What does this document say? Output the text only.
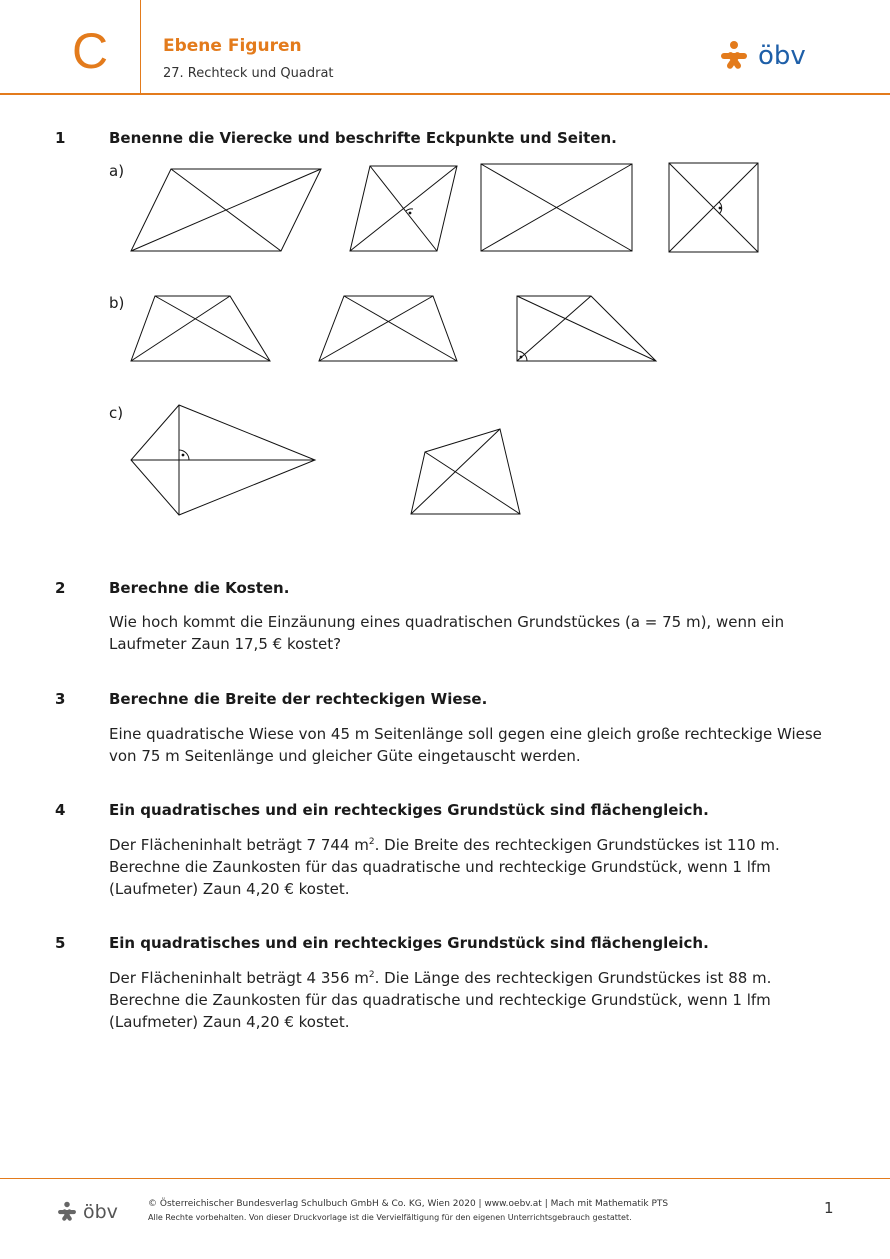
C	Ebene Figuren
27. Rechteck und Quadrat
öbv
1	Benenne die Vierecke und beschrifte Eckpunkte und Seiten.
a)
b)
c)
2	Berechne die Kosten.
Wie hoch kommt die Einzäunung eines quadratischen Grundstückes (a = 75 m), wenn ein Laufmeter Zaun 17,5 € kostet?
3	Berechne die Breite der rechteckigen Wiese.
Eine quadratische Wiese von 45 m Seitenlänge soll gegen eine gleich große rechteckige Wiese von 75 m Seitenlänge und gleicher Güte eingetauscht werden.
4	Ein quadratisches und ein rechteckiges Grundstück sind flächengleich.
Der Flächeninhalt beträgt 7 744 $m^2$. Die Breite des rechteckigen Grundstückes ist 110 m. Berechne die Zaunkosten für das quadratische und rechteckige Grundstück, wenn 1 lfm (Laufmeter) Zaun 4,20 € kostet.
5	Ein quadratisches und ein rechteckiges Grundstück sind flächengleich.
Der Flächeninhalt beträgt 4 356 $m^2$. Die Länge des rechteckigen Grundstückes ist 88 m. Berechne die Zaunkosten für das quadratische und rechteckige Grundstück, wenn 1 lfm (Laufmeter) Zaun 4,20 € kostet.
öbv	© Österreichischer Bundesverlag Schulbuch GmbH & Co. KG, Wien 2020 | www.oebv.at | Mach mit Mathematik PTS
Alle Rechte vorbehalten. Von dieser Druckvorlage ist die Vervielfältigung für den eigenen Unterrichtsgebrauch gestattet.
1
